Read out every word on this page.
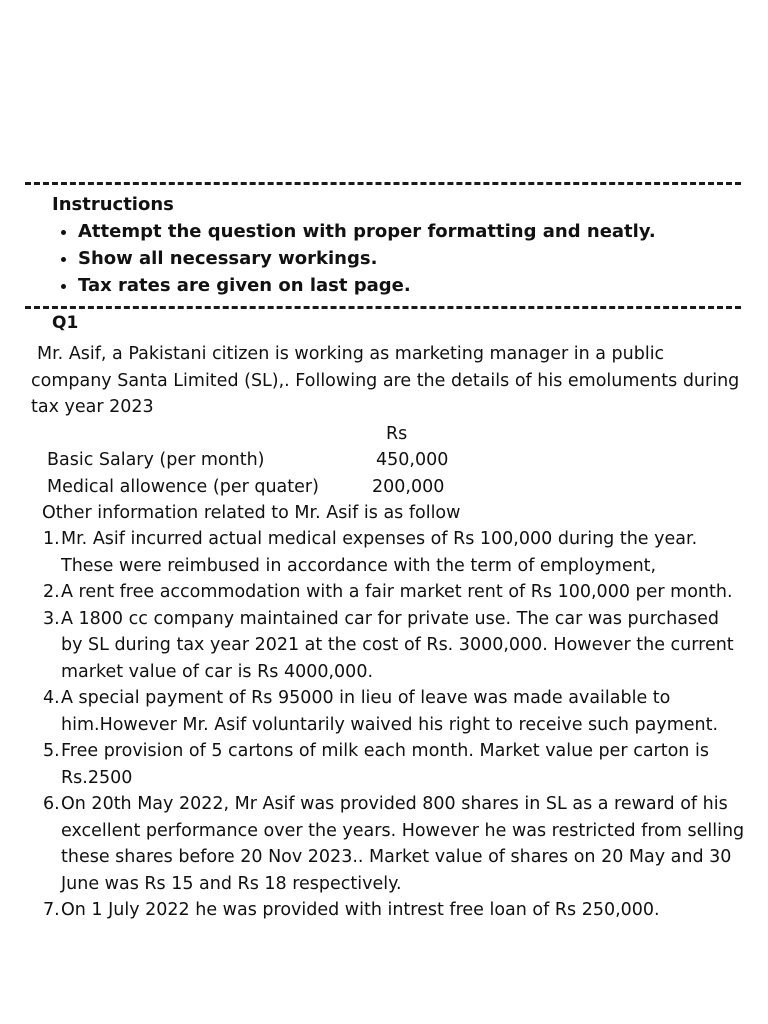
Instructions
• Attempt the question with proper formatting and neatly.
• Show all necessary workings.
• Tax rates are given on last page.
Q1

Mr. Asif, a Pakistani citizen is working as marketing manager in a public company Santa Limited (SL),. Following are the details of his emoluments during tax year 2023

Rs
Basic Salary (per month)	450,000
Medical allowence (per quater)	200,000
Other information related to Mr. Asif is as follow
1. Mr. Asif incurred actual medical expenses of Rs 100,000 during the year. These were reimbused in accordance with the term of employment,
2. A rent free accommodation with a fair market rent of Rs 100,000 per month.
3. A 1800 cc company maintained car for private use. The car was purchased by SL during tax year 2021 at the cost of Rs. 3000,000. However the current market value of car is Rs 4000,000.
4. A special payment of Rs 95000 in lieu of leave was made available to him.However Mr. Asif voluntarily waived his right to receive such payment.
5. Free provision of 5 cartons of milk each month. Market value per carton is Rs.2500
6. On 20th May 2022, Mr Asif was provided 800 shares in SL as a reward of his excellent performance over the years. However he was restricted from selling these shares before 20 Nov 2023.. Market value of shares on 20 May and 30 June was Rs 15 and Rs 18 respectively.
7. On 1 July 2022 he was provided with intrest free loan of Rs 250,000.
